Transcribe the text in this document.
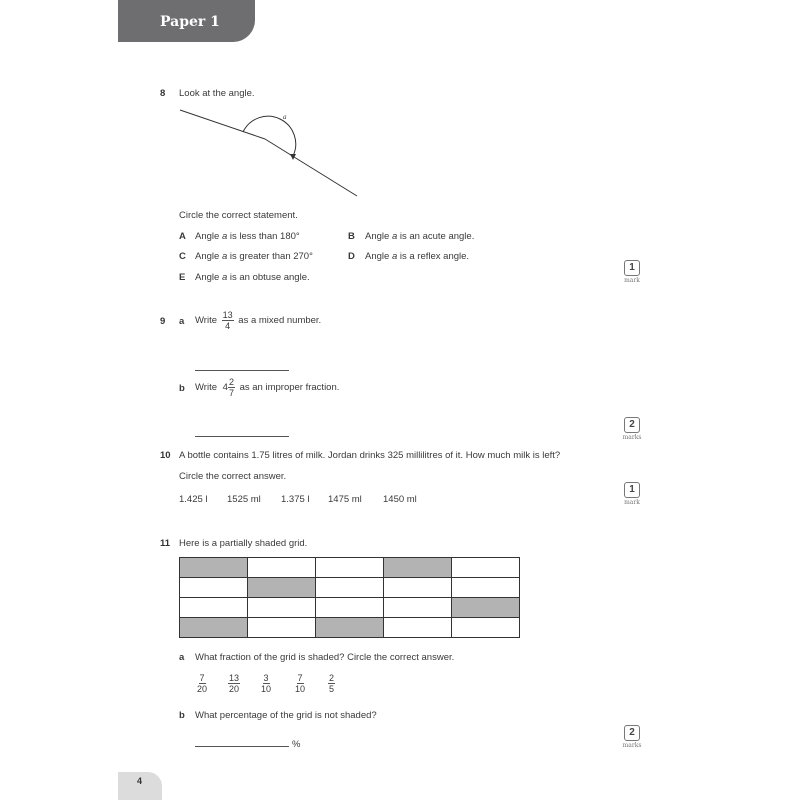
Paper 1
8 Look at the angle.
a
Circle the correct statement.
A Angle a is less than 180°	B Angle a is an acute angle.
C Angle a is greater than 270°	D Angle a is a reflex angle.
E Angle a is an obtuse angle.
1
mark
9 a Write $\frac{13}{4}$ as a mixed number.
b Write $4 \frac{2}{7}$ as an improper fraction.
2
marks
10 A bottle contains 1.75 litres of milk. Jordan drinks 325 millilitres of it. How much milk is left?
Circle the correct answer.
1.425 l 1525 ml 1.375 l 1475 ml 1450 ml
1
mark
11 Here is a partially shaded grid.

a What fraction of the grid is shaded? Circle the correct answer.
$\frac{7}{20} \frac{13}{20} \frac{3}{10}$	$\frac{7}{10}$	$\frac{2}{5}$
b What percentage of the grid is not shaded?
%
2
marks
4
